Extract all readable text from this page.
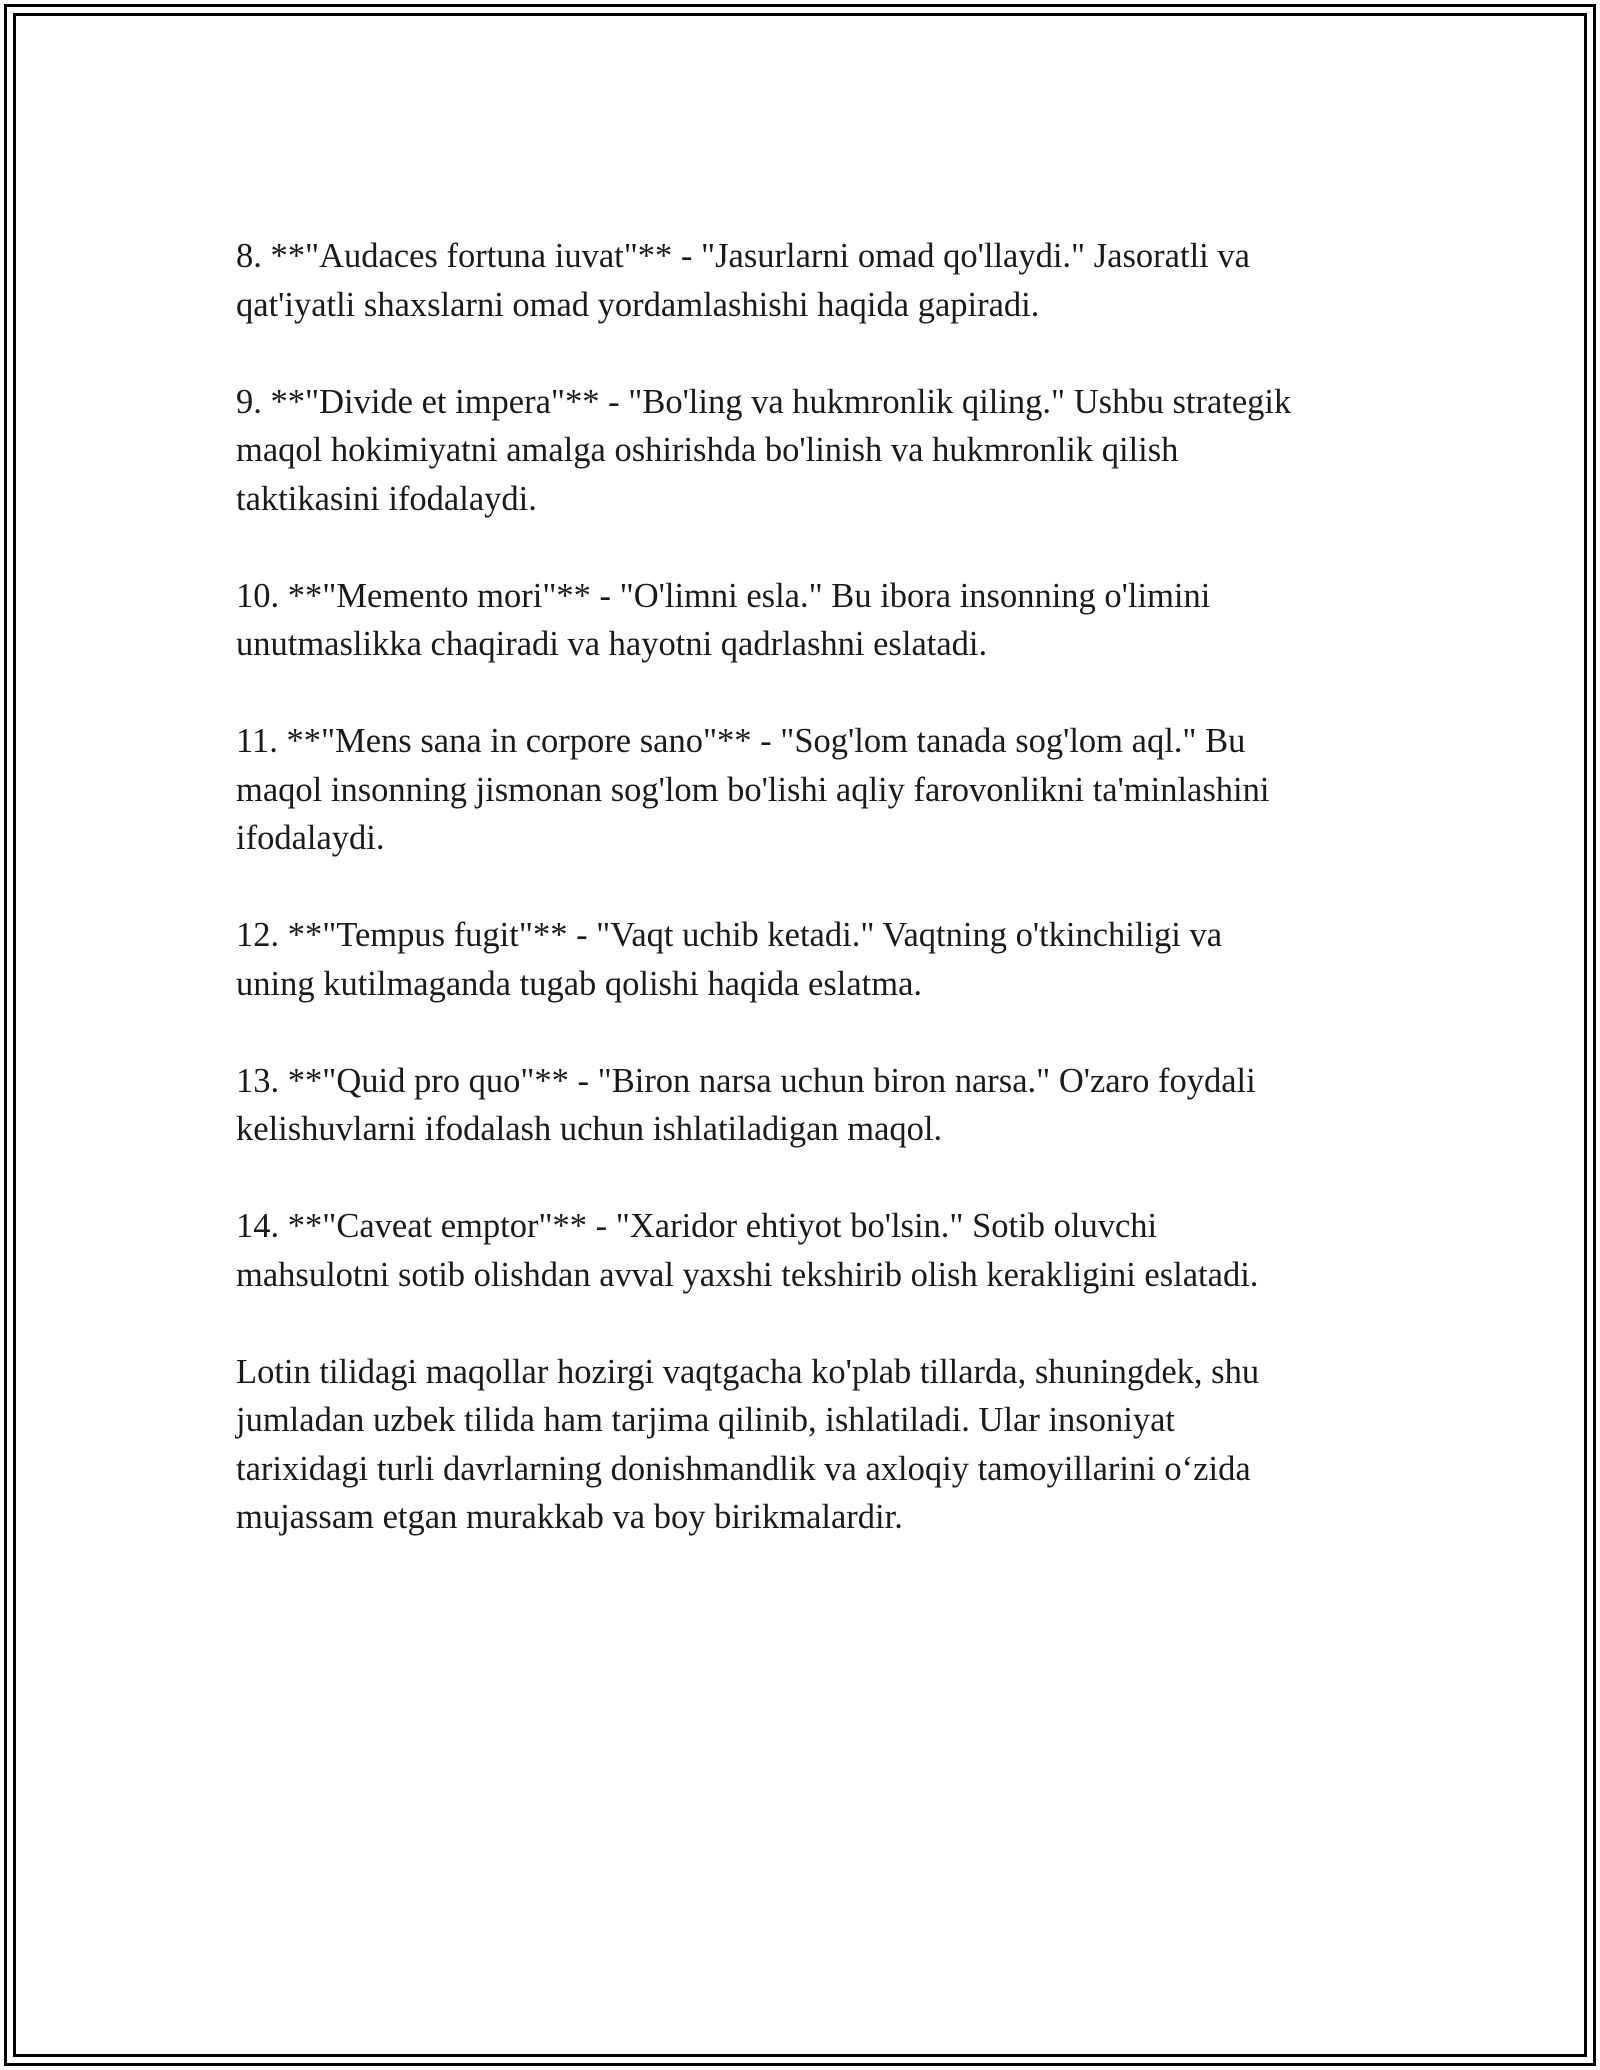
8. **"Audaces fortuna iuvat"** - "Jasurlarni omad qo'llaydi." Jasoratli va
qat'iyatli shaxslarni omad yordamlashishi haqida gapiradi.

9. **"Divide et impera"** - "Bo'ling va hukmronlik qiling." Ushbu strategik
maqol hokimiyatni amalga oshirishda bo'linish va hukmronlik qilish
taktikasini ifodalaydi.

10. **"Memento mori"** - "O'limni esla." Bu ibora insonning o'limini
unutmaslikka chaqiradi va hayotni qadrlashni eslatadi.

11. **"Mens sana in corpore sano"** - "Sog'lom tanada sog'lom aql." Bu
maqol insonning jismonan sog'lom bo'lishi aqliy farovonlikni ta'minlashini
ifodalaydi.

12. **"Tempus fugit"** - "Vaqt uchib ketadi." Vaqtning o'tkinchiligi va
uning kutilmaganda tugab qolishi haqida eslatma.

13. **"Quid pro quo"** - "Biron narsa uchun biron narsa." O'zaro foydali
kelishuvlarni ifodalash uchun ishlatiladigan maqol.

14. **"Caveat emptor"** - "Xaridor ehtiyot bo'lsin." Sotib oluvchi
mahsulotni sotib olishdan avval yaxshi tekshirib olish kerakligini eslatadi.

Lotin tilidagi maqollar hozirgi vaqtgacha ko'plab tillarda, shuningdek, shu
jumladan uzbek tilida ham tarjima qilinib, ishlatiladi. Ular insoniyat
tarixidagi turli davrlarning donishmandlik va axloqiy tamoyillarini o‘zida
mujassam etgan murakkab va boy birikmalardir.
